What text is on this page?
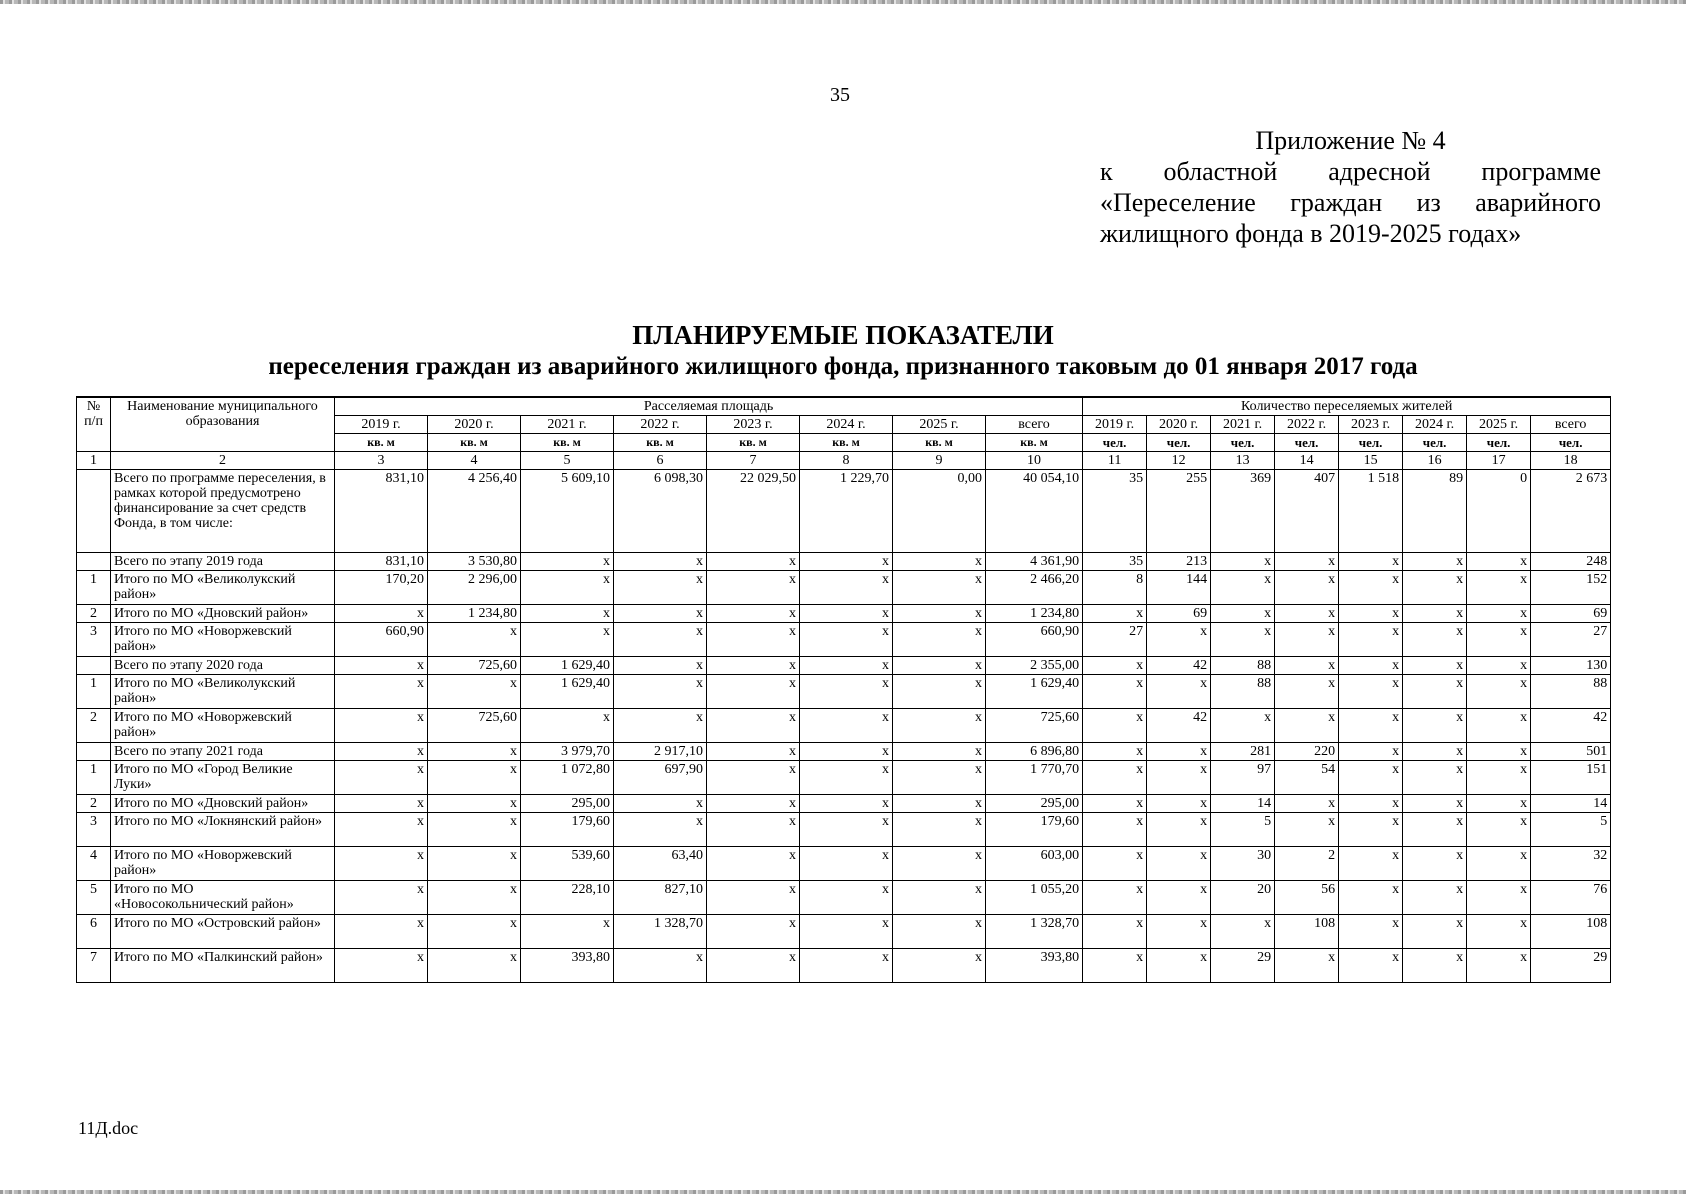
35
Приложение № 4
к областной адресной программе
«Переселение граждан из аварийного
жилищного фонда в 2019-2025 годах»
ПЛАНИРУЕМЫЕ ПОКАЗАТЕЛИ
переселения граждан из аварийного жилищного фонда, признанного таковым до 01 января 2017 года
№ п/п	Наименование муниципального образования	Расселяемая площадь								Количество переселяемых жителей							
		2019 г.	2020 г.	2021 г.	2022 г.	2023 г.	2024 г.	2025 г.	всего	2019 г.	2020 г.	2021 г.	2022 г.	2023 г.	2024 г.	2025 г.	всего
		кв. м	кв. м	кв. м	кв. м	кв. м	кв. м	кв. м	кв. м	чел.	чел.	чел.	чел.	чел.	чел.	чел.	чел.
1	2	3	4	5	6	7	8	9	10	11	12	13	14	15	16	17	18
	Всего по программе переселения, в рамках которой предусмотрено финансирование за счет средств Фонда, в том числе:	831,10	4 256,40	5 609,10	6 098,30	22 029,50	1 229,70	0,00	40 054,10	35	255	369	407	1 518	89	0	2 673
	Всего по этапу 2019 года	831,10	3 530,80	x	x	x	x	x	4 361,90	35	213	x	x	x	x	x	248
1	Итого по МО «Великолукский район»	170,20	2 296,00	x	x	x	x	x	2 466,20	8	144	x	x	x	x	x	152
2	Итого по МО «Дновский район»	x	1 234,80	x	x	x	x	x	1 234,80	x	69	x	x	x	x	x	69
3	Итого по МО «Новоржевский район»	660,90	x	x	x	x	x	x	660,90	27	x	x	x	x	x	x	27
	Всего по этапу 2020 года	x	725,60	1 629,40	x	x	x	x	2 355,00	x	42	88	x	x	x	x	130
1	Итого по МО «Великолукский район»	x	x	1 629,40	x	x	x	x	1 629,40	x	x	88	x	x	x	x	88
2	Итого по МО «Новоржевский район»	x	725,60	x	x	x	x	x	725,60	x	42	x	x	x	x	x	42
	Всего по этапу 2021 года	x	x	3 979,70	2 917,10	x	x	x	6 896,80	x	x	281	220	x	x	x	501
1	Итого по МО «Город Великие Луки»	x	x	1 072,80	697,90	x	x	x	1 770,70	x	x	97	54	x	x	x	151
2	Итого по МО «Дновский район»	x	x	295,00	x	x	x	x	295,00	x	x	14	x	x	x	x	14
3	Итого по МО «Локнянский район»	x	x	179,60	x	x	x	x	179,60	x	x	5	x	x	x	x	5
4	Итого по МО «Новоржевский район»	x	x	539,60	63,40	x	x	x	603,00	x	x	30	2	x	x	x	32
5	Итого по МО «Новосокольнический район»	x	x	228,10	827,10	x	x	x	1 055,20	x	x	20	56	x	x	x	76
6	Итого по МО «Островский район»	x	x	x	1 328,70	x	x	x	1 328,70	x	x	x	108	x	x	x	108
7	Итого по МО «Палкинский район»	x	x	393,80	x	x	x	x	393,80	x	x	29	x	x	x	x	29
11Д.doc
